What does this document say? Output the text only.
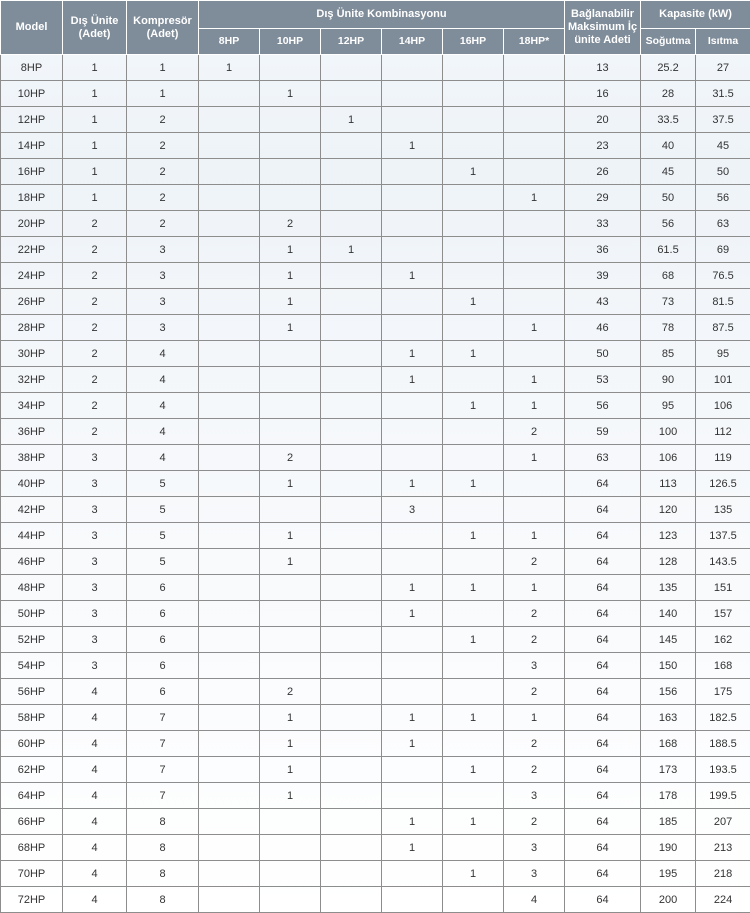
Model	Dış Ünite (Adet)	Kompresör (Adet)	Dış Ünite Kombinasyonu						Bağlanabilir Maksimum İç ünite Adeti	Kapasite (kW)	
			8HP	10HP	12HP	14HP	16HP	18HP*		Soğutma	Isıtma
8HP	1	1	1						13	25.2	27
10HP	1	1		1					16	28	31.5
12HP	1	2			1				20	33.5	37.5
14HP	1	2				1			23	40	45
16HP	1	2					1		26	45	50
18HP	1	2						1	29	50	56
20HP	2	2		2					33	56	63
22HP	2	3		1	1				36	61.5	69
24HP	2	3		1		1			39	68	76.5
26HP	2	3		1			1		43	73	81.5
28HP	2	3		1				1	46	78	87.5
30HP	2	4				1	1		50	85	95
32HP	2	4				1		1	53	90	101
34HP	2	4					1	1	56	95	106
36HP	2	4						2	59	100	112
38HP	3	4		2				1	63	106	119
40HP	3	5		1		1	1		64	113	126.5
42HP	3	5				3			64	120	135
44HP	3	5		1			1	1	64	123	137.5
46HP	3	5		1				2	64	128	143.5
48HP	3	6				1	1	1	64	135	151
50HP	3	6				1		2	64	140	157
52HP	3	6					1	2	64	145	162
54HP	3	6						3	64	150	168
56HP	4	6		2				2	64	156	175
58HP	4	7		1		1	1	1	64	163	182.5
60HP	4	7		1		1		2	64	168	188.5
62HP	4	7		1			1	2	64	173	193.5
64HP	4	7		1				3	64	178	199.5
66HP	4	8				1	1	2	64	185	207
68HP	4	8				1		3	64	190	213
70HP	4	8					1	3	64	195	218
72HP	4	8						4	64	200	224
